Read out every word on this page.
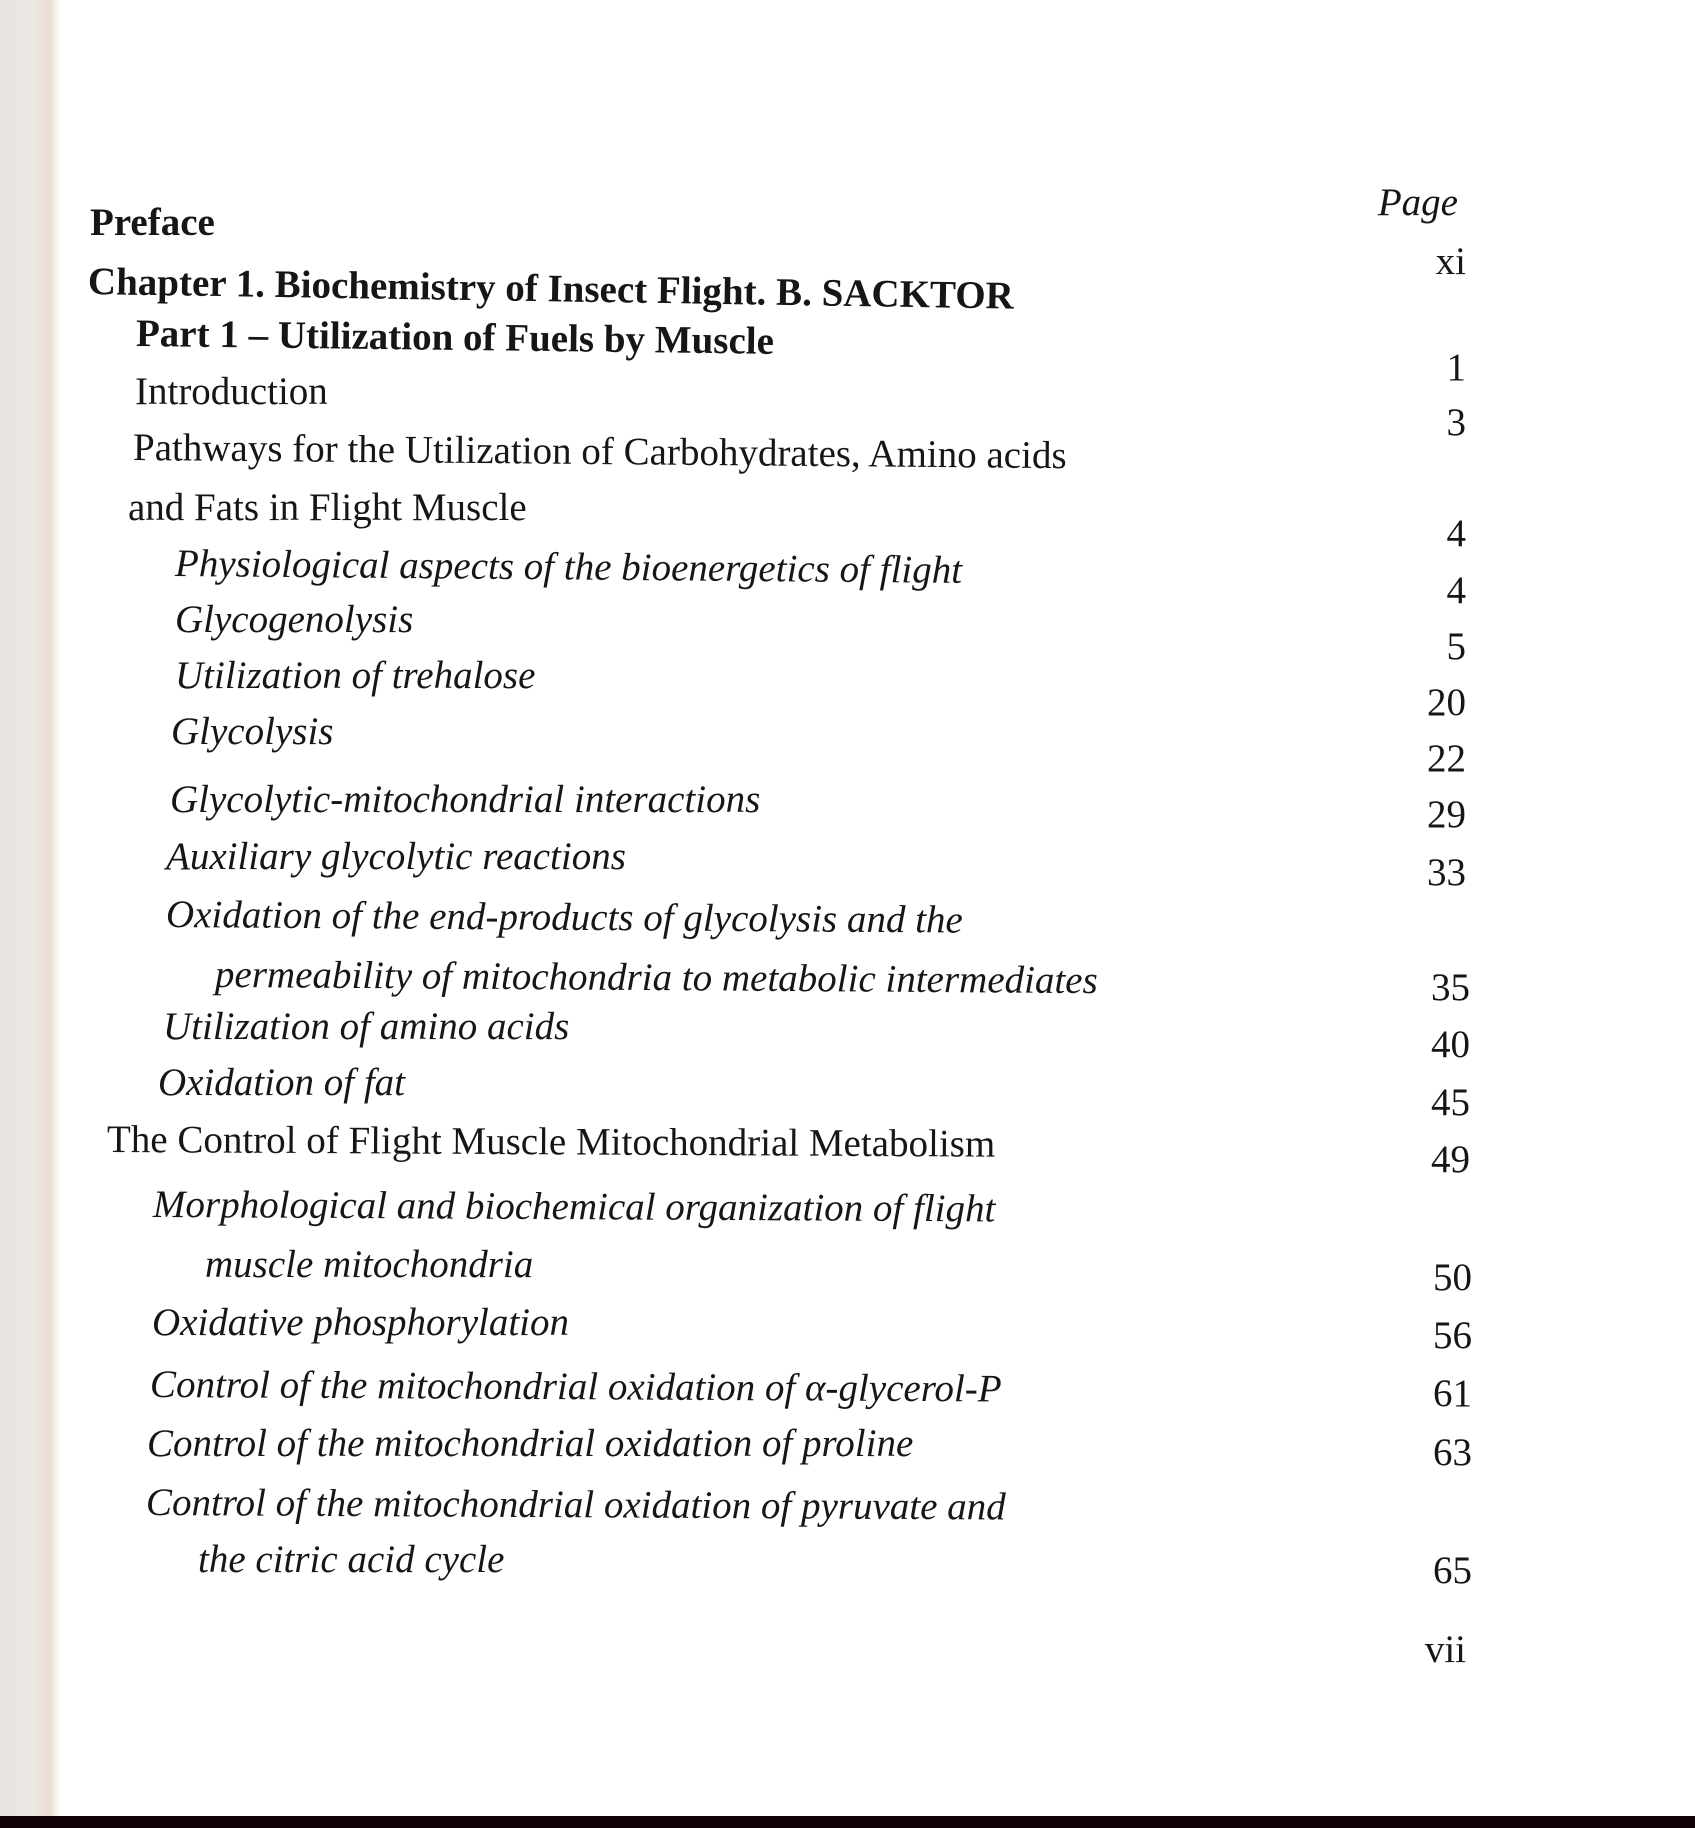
Page
Preface
Chapter 1. Biochemistry of Insect Flight. B. SACKTOR
Part 1 – Utilization of Fuels by Muscle
Introduction
Pathways for the Utilization of Carbohydrates, Amino acids
and Fats in Flight Muscle
Physiological aspects of the bioenergetics of flight
Glycogenolysis
Utilization of trehalose
Glycolysis
Glycolytic-mitochondrial interactions
Auxiliary glycolytic reactions
Oxidation of the end-products of glycolysis and the
permeability of mitochondria to metabolic intermediates
Utilization of amino acids
Oxidation of fat
The Control of Flight Muscle Mitochondrial Metabolism
Morphological and biochemical organization of flight
muscle mitochondria
Oxidative phosphorylation
Control of the mitochondrial oxidation of α-glycerol-P
Control of the mitochondrial oxidation of proline
Control of the mitochondrial oxidation of pyruvate and
the citric acid cycle
xi
1
3
4
4
5
20
22
29
33
35
40
45
49
50
56
61
63
65
vii
